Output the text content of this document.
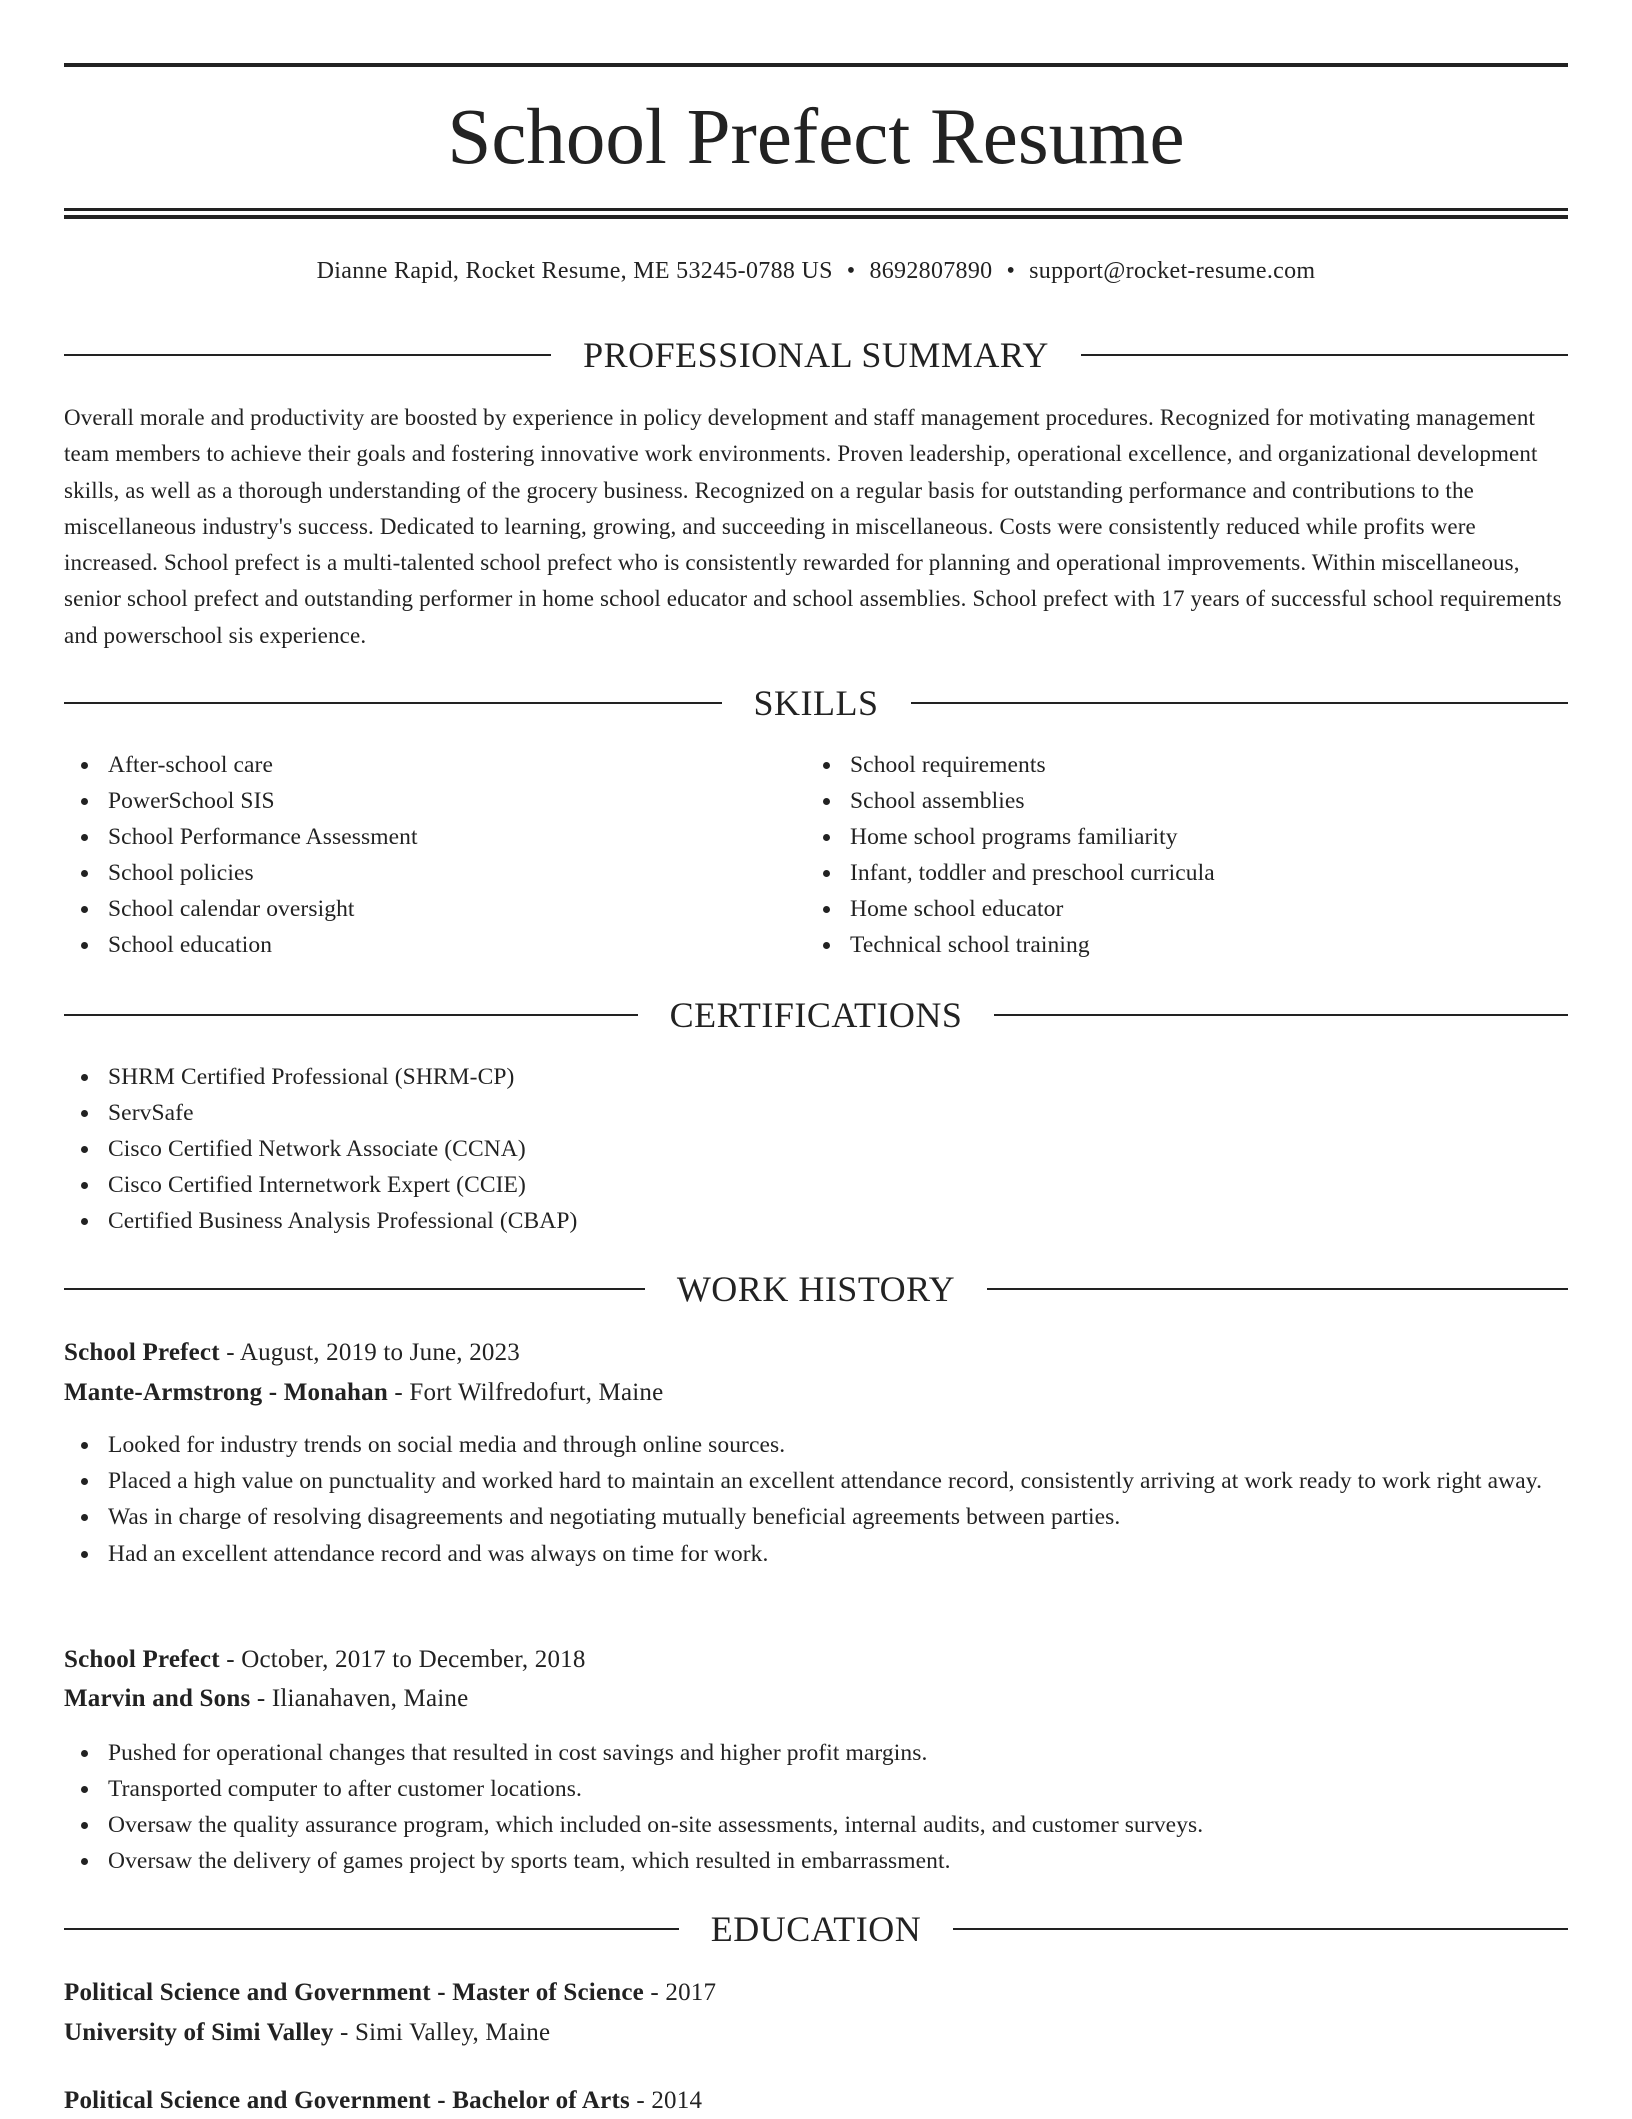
School Prefect Resume
Dianne Rapid, Rocket Resume, ME 53245-0788 US • 8692807890 • support@rocket-resume.com
PROFESSIONAL SUMMARY

Overall morale and productivity are boosted by experience in policy development and staff management procedures. Recognized for motivating management team members to achieve their goals and fostering innovative work environments. Proven leadership, operational excellence, and organizational development skills, as well as a thorough understanding of the grocery business. Recognized on a regular basis for outstanding performance and contributions to the miscellaneous industry's success. Dedicated to learning, growing, and succeeding in miscellaneous. Costs were consistently reduced while profits were increased. School prefect is a multi-talented school prefect who is consistently rewarded for planning and operational improvements. Within miscellaneous, senior school prefect and outstanding performer in home school educator and school assemblies. School prefect with 17 years of successful school requirements and powerschool sis experience.

SKILLS
After-school care
PowerSchool SIS
School Performance Assessment
School policies
School calendar oversight
School education
School requirements
School assemblies
Home school programs familiarity
Infant, toddler and preschool curricula
Home school educator
Technical school training
CERTIFICATIONS
SHRM Certified Professional (SHRM-CP)
ServSafe
Cisco Certified Network Associate (CCNA)
Cisco Certified Internetwork Expert (CCIE)
Certified Business Analysis Professional (CBAP)
WORK HISTORY
School Prefect - August, 2019 to June, 2023
Mante-Armstrong - Monahan - Fort Wilfredofurt, Maine
Looked for industry trends on social media and through online sources.
Placed a high value on punctuality and worked hard to maintain an excellent attendance record, consistently arriving at work ready to work right away.
Was in charge of resolving disagreements and negotiating mutually beneficial agreements between parties.
Had an excellent attendance record and was always on time for work.
School Prefect - October, 2017 to December, 2018
Marvin and Sons - Ilianahaven, Maine
Pushed for operational changes that resulted in cost savings and higher profit margins.
Transported computer to after customer locations.
Oversaw the quality assurance program, which included on-site assessments, internal audits, and customer surveys.
Oversaw the delivery of games project by sports team, which resulted in embarrassment.
EDUCATION
Political Science and Government - Master of Science - 2017
University of Simi Valley - Simi Valley, Maine
Political Science and Government - Bachelor of Arts - 2014
